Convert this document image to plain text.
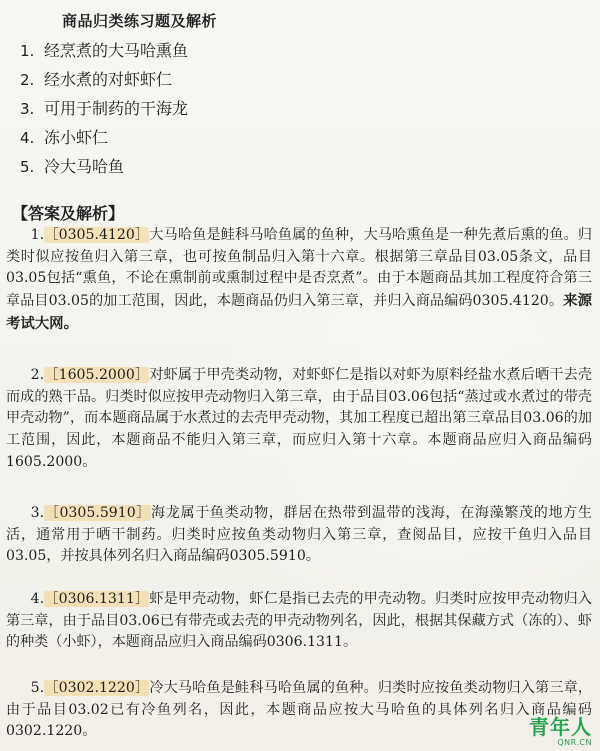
商品归类练习题及解析
1. 经烹煮的大马哈熏鱼
2. 经水煮的对虾虾仁
3. 可用于制药的干海龙
4. 冻小虾仁
5. 冷大马哈鱼
【答案及解析】
1.［0305.4120］大马哈鱼是鲑科马哈鱼属的鱼种，大马哈熏鱼是一种先煮后熏的鱼。归类时似应按鱼归入第三章，也可按鱼制品归入第十六章。根据第三章品目03.05条文，品目03.05包括“熏鱼，不论在熏制前或熏制过程中是否烹煮”。由于本题商品其加工程度符合第三章品目03.05的加工范围，因此，本题商品仍归入第三章，并归入商品编码0305.4120。来源考试大网。
2.［1605.2000］对虾属于甲壳类动物，对虾虾仁是指以对虾为原料经盐水煮后晒干去壳而成的熟干品。归类时似应按甲壳动物归入第三章，由于品目03.06包括“蒸过或水煮过的带壳甲壳动物”，而本题商品属于水煮过的去壳甲壳动物，其加工程度已超出第三章品目03.06的加工范围，因此，本题商品不能归入第三章，而应归入第十六章。本题商品应归入商品编码1605.2000。
3.［0305.5910］海龙属于鱼类动物，群居在热带到温带的浅海，在海藻繁茂的地方生活，通常用于晒干制药。归类时应按鱼类动物归入第三章，查阅品目，应按干鱼归入品目03.05，并按具体列名归入商品编码0305.5910。
4.［0306.1311］虾是甲壳动物，虾仁是指已去壳的甲壳动物。归类时应按甲壳动物归入第三章，由于品目03.06已有带壳或去壳的甲壳动物列名，因此，根据其保藏方式（冻的）、虾的种类（小虾），本题商品应归入商品编码0306.1311。
5.［0302.1220］冷大马哈鱼是鲑科马哈鱼属的鱼种。归类时应按鱼类动物归入第三章，由于品目03.02已有冷鱼列名，因此，本题商品应按大马哈鱼的具体列名归入商品编码0302.1220。	青年人
QNR.CN
